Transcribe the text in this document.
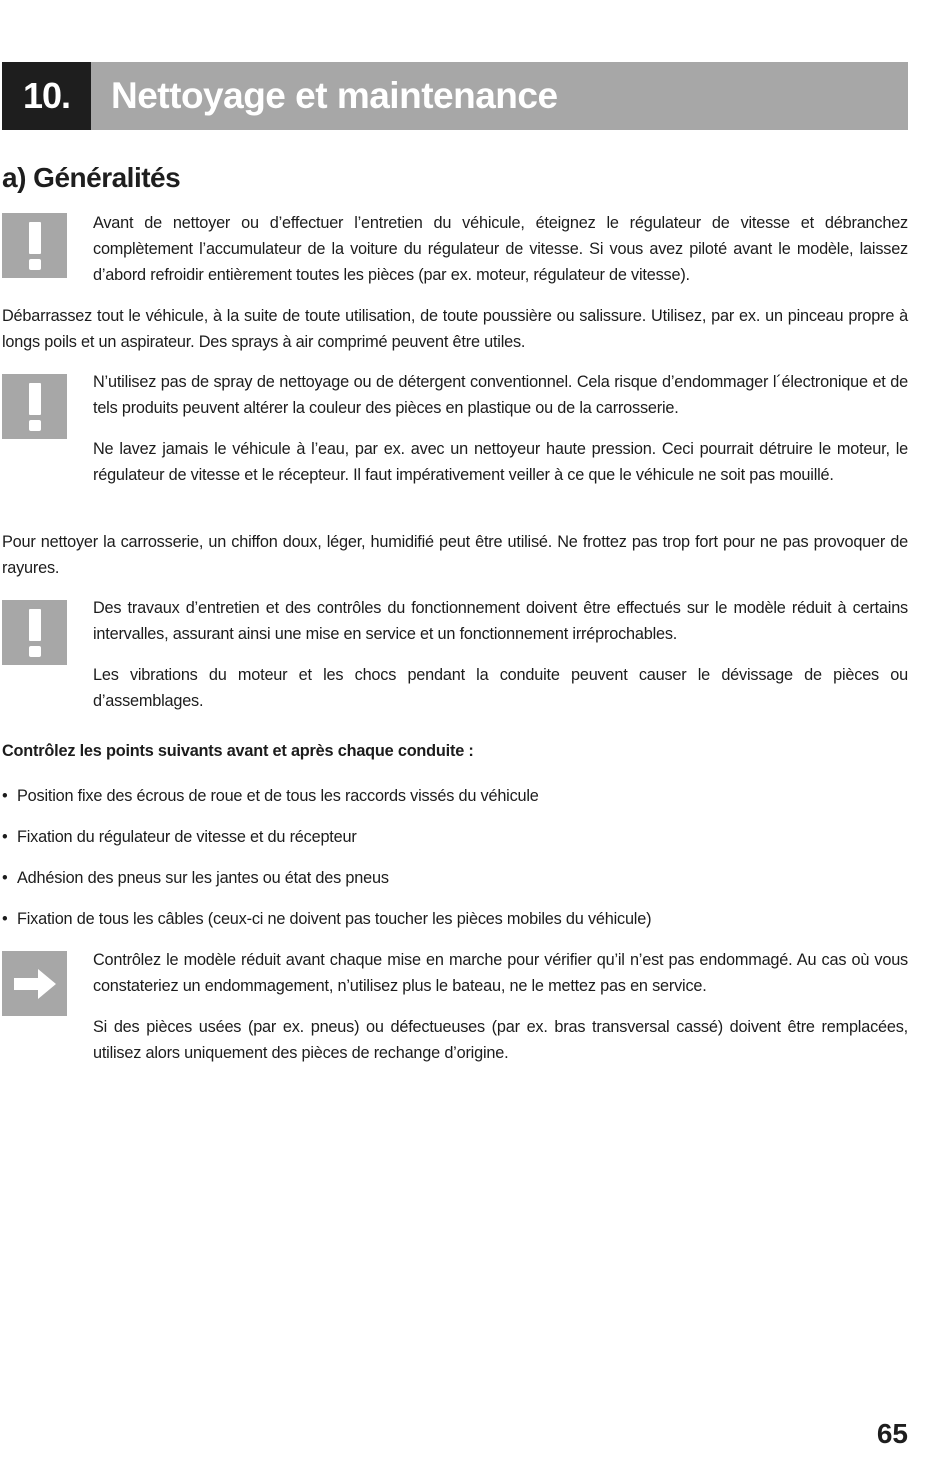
10.	Nettoyage et maintenance
a) Généralités

Avant de nettoyer ou d’effectuer l’entretien du véhicule, éteignez le régulateur de vitesse et débranchez complètement l’accumulateur de la voiture du régulateur de vitesse. Si vous avez piloté avant le modèle, laissez d’abord refroidir entièrement toutes les pièces (par ex. moteur, régulateur de vitesse).

Débarrassez tout le véhicule, à la suite de toute utilisation, de toute poussière ou salissure. Utilisez, par ex. un pinceau propre à longs poils et un aspirateur. Des sprays à air comprimé peuvent être utiles.

N’utilisez pas de spray de nettoyage ou de détergent conventionnel. Cela risque d’endommager l´électronique et de tels produits peuvent altérer la couleur des pièces en plastique ou de la carrosserie.

Ne lavez jamais le véhicule à l’eau, par ex. avec un nettoyeur haute pression. Ceci pourrait détruire le moteur, le régulateur de vitesse et le récepteur. Il faut impérativement veiller à ce que le véhicule ne soit pas mouillé.

Pour nettoyer la carrosserie, un chiffon doux, léger, humidifié peut être utilisé. Ne frottez pas trop fort pour ne pas provoquer de rayures.

Des travaux d’entretien et des contrôles du fonctionnement doivent être effectués sur le modèle réduit à certains intervalles, assurant ainsi une mise en service et un fonctionnement irréprochables.

Les vibrations du moteur et les chocs pendant la conduite peuvent causer le dévissage de pièces ou d’assemblages.

Contrôlez les points suivants avant et après chaque conduite :

• Position fixe des écrous de roue et de tous les raccords vissés du véhicule
• Fixation du régulateur de vitesse et du récepteur
• Adhésion des pneus sur les jantes ou état des pneus
• Fixation de tous les câbles (ceux-ci ne doivent pas toucher les pièces mobiles du véhicule)

Contrôlez le modèle réduit avant chaque mise en marche pour vérifier qu’il n’est pas endommagé. Au cas où vous constateriez un endommagement, n’utilisez plus le bateau, ne le mettez pas en service.

Si des pièces usées (par ex. pneus) ou défectueuses (par ex. bras transversal cassé) doivent être remplacées, utilisez alors uniquement des pièces de rechange d’origine.

65
